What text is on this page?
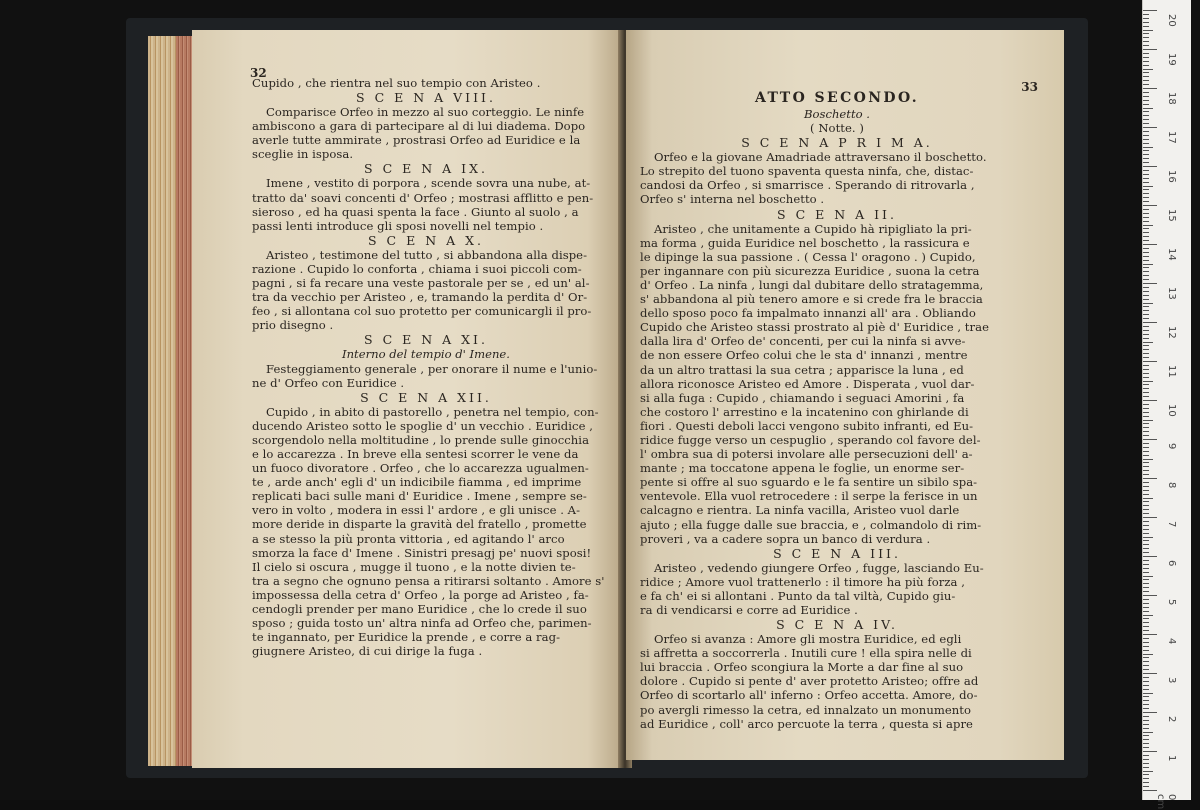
32
Cupido , che rientra nel suo tempio con Aristeo .
S C E N A VIII.
Comparisce Orfeo in mezzo al suo corteggio. Le ninfe
ambiscono a gara di partecipare al di lui diadema. Dopo
averle tutte ammirate , prostrasi Orfeo ad Euridice e la
sceglie in isposa.
S C E N A IX.
Imene , vestito di porpora , scende sovra una nube, at-
tratto da' soavi concenti d' Orfeo ; mostrasi afflitto e pen-
sieroso , ed ha quasi spenta la face . Giunto al suolo , a
passi lenti introduce gli sposi novelli nel tempio .
S C E N A X.
Aristeo , testimone del tutto , si abbandona alla dispe-
razione . Cupido lo conforta , chiama i suoi piccoli com-
pagni , si fa recare una veste pastorale per se , ed un' al-
tra da vecchio per Aristeo , e, tramando la perdita d' Or-
feo , si allontana col suo protetto per comunicargli il pro-
prio disegno .
S C E N A XI.
Interno del tempio d' Imene.
Festeggiamento generale , per onorare il nume e l'unio-
ne d' Orfeo con Euridice .
S C E N A XII.
Cupido , in abito di pastorello , penetra nel tempio, con-
ducendo Aristeo sotto le spoglie d' un vecchio . Euridice ,
scorgendolo nella moltitudine , lo prende sulle ginocchia
e lo accarezza . In breve ella sentesi scorrer le vene da
un fuoco divoratore . Orfeo , che lo accarezza ugualmen-
te , arde anch' egli d' un indicibile fiamma , ed imprime
replicati baci sulle mani d' Euridice . Imene , sempre se-
vero in volto , modera in essi l' ardore , e gli unisce . A-
more deride in disparte la gravità del fratello , promette
a se stesso la più pronta vittoria , ed agitando l' arco
smorza la face d' Imene . Sinistri presagj pe' nuovi sposi!
Il cielo si oscura , mugge il tuono , e la notte divien te-
tra a segno che ognuno pensa a ritirarsi soltanto . Amore s'
impossessa della cetra d' Orfeo , la porge ad Aristeo , fa-
cendogli prender per mano Euridice , che lo crede il suo
sposo ; guida tosto un' altra ninfa ad Orfeo che, parimen-
te ingannato, per Euridice la prende , e corre a rag-
giugnere Aristeo, di cui dirige la fuga .
33
ATTO SECONDO.
Boschetto .
( Notte. )
S C E N A P R I M A.
Orfeo e la giovane Amadriade attraversano il boschetto.
Lo strepito del tuono spaventa questa ninfa, che, distac-
candosi da Orfeo , si smarrisce . Sperando di ritrovarla ,
Orfeo s' interna nel boschetto .
S C E N A II.
Aristeo , che unitamente a Cupido hà ripigliato la pri-
ma forma , guida Euridice nel boschetto , la rassicura e
le dipinge la sua passione . ( Cessa l' oragono . ) Cupido,
per ingannare con più sicurezza Euridice , suona la cetra
d' Orfeo . La ninfa , lungi dal dubitare dello stratagemma,
s' abbandona al più tenero amore e si crede fra le braccia
dello sposo poco fa impalmato innanzi all' ara . Obliando
Cupido che Aristeo stassi prostrato al piè d' Euridice , trae
dalla lira d' Orfeo de' concenti, per cui la ninfa si avve-
de non essere Orfeo colui che le sta d' innanzi , mentre
da un altro trattasi la sua cetra ; apparisce la luna , ed
allora riconosce Aristeo ed Amore . Disperata , vuol dar-
si alla fuga : Cupido , chiamando i seguaci Amorini , fa
che costoro l' arrestino e la incatenino con ghirlande di
fiori . Questi deboli lacci vengono subito infranti, ed Eu-
ridice fugge verso un cespuglio , sperando col favore del-
l' ombra sua di potersi involare alle persecuzioni dell' a-
mante ; ma toccatone appena le foglie, un enorme ser-
pente si offre al suo sguardo e le fa sentire un sibilo spa-
ventevole. Ella vuol retrocedere : il serpe la ferisce in un
calcagno e rientra. La ninfa vacilla, Aristeo vuol darle
ajuto ; ella fugge dalle sue braccia, e , colmandolo di rim-
proveri , va a cadere sopra un banco di verdura .
S C E N A III.
Aristeo , vedendo giungere Orfeo , fugge, lasciando Eu-
ridice ; Amore vuol trattenerlo : il timore ha più forza ,
e fa ch' ei si allontani . Punto da tal viltà, Cupido giu-
ra di vendicarsi e corre ad Euridice .
S C E N A IV.
Orfeo si avanza : Amore gli mostra Euridice, ed egli
si affretta a soccorrerla . Inutili cure ! ella spira nelle di
lui braccia . Orfeo scongiura la Morte a dar fine al suo
dolore . Cupido si pente d' aver protetto Aristeo; offre ad
Orfeo di scortarlo all' inferno : Orfeo accetta. Amore, do-
po avergli rimesso la cetra, ed innalzato un monumento
ad Euridice , coll' arco percuote la terra , questa si apre
20
19
18
17
16
15
14
13
12
11
10
9
8
7
6
5
4
3
2
1
0 cm
